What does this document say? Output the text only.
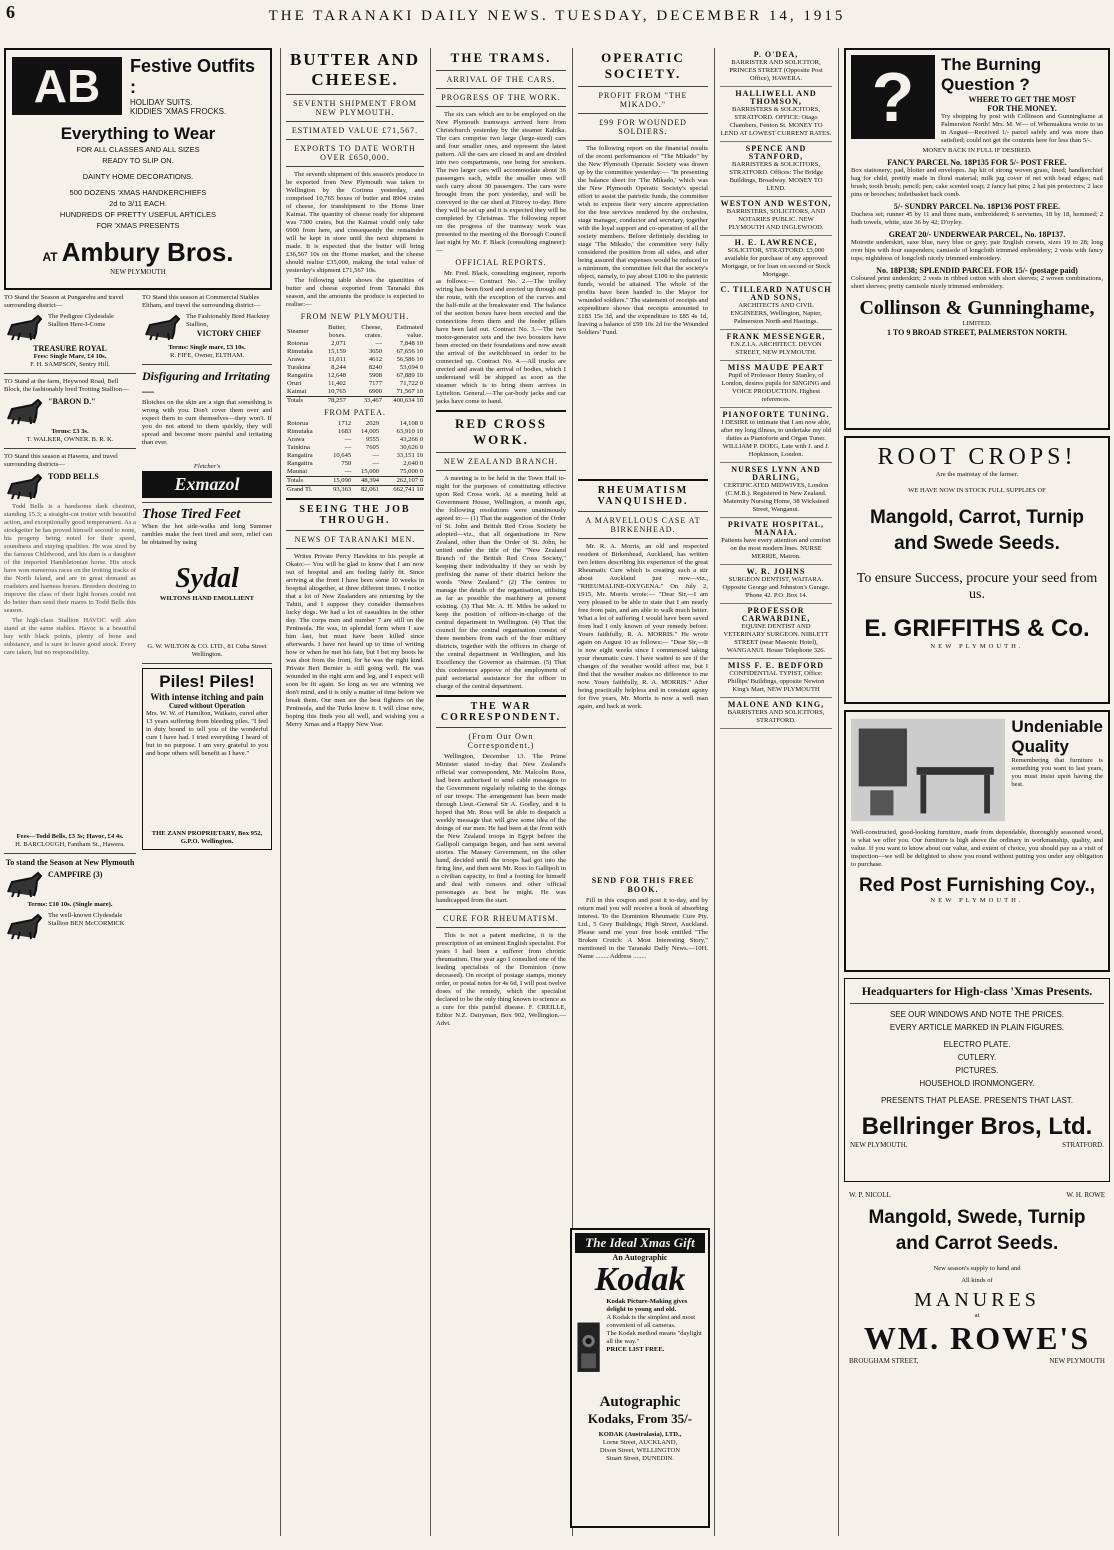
6	THE TARANAKI DAILY NEWS. TUESDAY, DECEMBER 14, 1915
AB	Festive Outfits :
HOLIDAY SUITS.
KIDDIES 'XMAS FROCKS.
Everything to Wear
FOR ALL CLASSES AND ALL SIZES
READY TO SLIP ON.
DAINTY HOME DECORATIONS.
500 DOZENS 'XMAS HANDKERCHIEFS
2d to 3/11 EACH.
HUNDREDS OF PRETTY USEFUL ARTICLES
FOR 'XMAS PRESENTS
AT Ambury Bros.
NEW PLYMOUTH
TO Stand the Season at Pungarehu and travel surrounding district—
The Pedigree Clydesdale Stallion Here-I-Come
TREASURE ROYAL
Fees: Single Mare, £4 10s.
F. H. SAMPSON, Sentry Hill.
TO Stand at the farm, Heywood Road, Bell Block, the fashionably bred Trotting Stallion—
"BARON D."
Terms: £3 3s.
T. WALKER, OWNER. B. R. K.
TO Stand this season at Hawera, and travel surrounding districts—
TODD BELLS

Todd Bells is a handsome dark chestnut, standing 15.3; a straight-cut trotter with beautiful action, and exceptionally good temperament. As a stockgetter he has proved himself second to none, his progeny being noted for their speed, soundness and staying qualities. He was sired by the famous Childwood, and his dam is a daughter of the imported Hambletonian horse. His stock have won numerous races on the trotting tracks of the North Island, and are in great demand as roadsters and harness horses. Breeders desiring to improve the class of their light horses could not do better than send their mares to Todd Bells this season.

The high-class Stallion HAVOC will also stand at the same stables. Havoc is a beautiful bay with black points, plenty of bone and substance, and is sure to leave good stock. Every care taken, but no responsibility.

Fees—Todd Bells, £3 3s; Havoc, £4 4s.
H. BARCLOUGH, Fantham St., Hawera.
To stand the Season at New Plymouth
CAMPFIRE (3)
Terms: £10 10s. (Single mare).
The well-known Clydesdale Stallion BEN McCORMICK
TO Stand this season at Commercial Stables Eltham, and travel the surrounding district—
The Fashionably Bred Hackney Stallion,
VICTORY CHIEF
Terms: Single mare, £3 10s.
R. FIFE, Owner, ELTHAM.
Disfiguring and Irritating—
Blotches on the skin are a sign that something is wrong with you. Don't cover them over and expect them to cure themselves—they won't. If you do not attend to them quickly, they will spread and become more painful and irritating than ever.
Fletcher's
Exmazol
Those Tired Feet
When the hot side-walks and long Summer rambles make the feet tired and sore, relief can be obtained by using
Sydal
WILTONS HAND EMOLLIENT
G. W. WILTON & CO. LTD., 81 Cuba Street Wellington.
Piles! Piles!
With intense itching and pain
Cured without Operation
Mrs. W. W. of Hamilton, Waikato, cured after 13 years suffering from bleeding piles. "I feel in duty bound to tell you of the wonderful cure I have had. I tried everything I heard of but to no purpose. I am very grateful to you and hope others will benefit as I have."
THE ZANN PROPRIETARY, Box 952, G.P.O. Wellington.
BUTTER AND CHEESE.
SEVENTH SHIPMENT FROM NEW PLYMOUTH.
ESTIMATED VALUE £71,567.
EXPORTS TO DATE WORTH OVER £650,000.

The seventh shipment of this season's produce to be exported from New Plymouth was taken to Wellington by the Corinna yesterday, and comprised 10,765 boxes of butter and 8904 crates of cheese, for transhipment to the Home liner Kaimai. The quantity of cheese ready for shipment was 7300 crates, but the Kaimai could only take 6900 from here, and consequently the remainder will be kept in store until the next shipment is made. It is expected that the butter will bring £36,567 10s on the Home market, and the cheese should realise £35,000, making the total value of yesterday's shipment £71,567 10s.

The following table shows the quantities of butter and cheese exported from Taranaki this season, and the amounts the produce is expected to realise:—

FROM NEW PLYMOUTH.
Steamer	Butter, boxes.	Cheese, crates.	Estimated value.
Rotorua	2,071	—	7,848 10
Rimutaka	15,159	3650	67,656 10
Arawa	11,011	4612	56,586 10
Turakina	8,244	8240	53,694 0
Rangatira	12,648	5908	67,889 10
Oruri	11,402	7177	71,722 0
Kaimai	10,765	6900	71,567 10
Totals	78,257	33,467	400,634 10
FROM PATEA.
Rotorua	1712	2029	14,108 0
Rimutaka	1683	14,005	63,910 10
Arawa	—	9555	43,266 0
Tainkina	—	7605	30,626 0
Rangatira	10,645	—	33,151 10
Rangatira	750	—	2,640 0
Maunai	—	15,000	75,000 0
Totals	15,090	48,394	262,107 0
Grand Tl.	93,363	82,061	662,741 10
SEEING THE JOB THROUGH.
NEWS OF TARANAKI MEN.

Writes Private Percy Hawkins to his people at Okato:— You will be glad to know that I am now out of hospital and am feeling fairly fit. Since arriving at the front I have been some 10 weeks in hospital altogether, at three different times. I notice that a lot of New Zealanders are returning by the Tahiti, and I suppose they consider themselves lucky dogs. We had a lot of casualties in the other day. The corps men and number 7 are still on the Peninsula. He was, in splendid form when I saw him last, but must have been killed since afterwards. I have not heard up to time of writing how or when he met his fate, but I bet my boots he was shot from the front, for he was the right kind. Private Bert Bernier is still going well. He was wounded in the right arm and leg, and I expect will soon be fit again. So long as we are winning we don't mind, and it is only a matter of time before we break them. Our men are the best fighters on the Peninsula, and the Turks know it. I will close now, hoping this finds you all well, and wishing you a Merry Xmas and a Happy New Year.

THE TRAMS.
ARRIVAL OF THE CARS.
PROGRESS OF THE WORK.

The six cars which are to be employed on the New Plymouth tramways arrived here from Christchurch yesterday by the steamer Kahika. The cars comprise two large (large-sized) cars and four smaller ones, and represent the latest pattern. All the cars are closed in and are divided into two compartments, one being for smokers. The two larger cars will accommodate about 36 passengers each, while the smaller ones will each carry about 30 passengers. The cars were brought from the port yesterday, and will be conveyed to the car shed at Fitzroy to-day. Here they will be set up and it is expected they will be completed by Christmas. The following report on the progress of the tramway work was presented to the meeting of the Borough Council last night by Mr. F. Black (consulting engineer):—

OFFICIAL REPORTS.

Mr. Fred. Black, consulting engineer, reports as follows:— Contract No. 2.—The trolley wiring has been fixed and erected up through out the route, with the exception of the curves and the half-mile at the breakwater end. The balance of the section boxes have been erected and the connections from them and the feeder pillars have been laid out. Contract No. 3.—The two motor-generator sets and the two boosters have been erected on their foundations and now await the arrival of the switchboard in order to be connected up. Contract No. 4.—All trucks are erected and await the arrival of bodies, which I understand will be shipped as soon as the steamer which is to bring them arrives in Lyttelton. General.—The car-body jacks and car jacks have come to hand.

RED CROSS WORK.
NEW ZEALAND BRANCH.

A meeting is to be held in the Town Hall to-night for the purposes of constituting effective upon Red Cross work. At a meeting held at Government House, Wellington, a month ago, the following resolutions were unanimously agreed to:— (1) That the suggestion of the Order of St. John and British Red Cross Society be adopted—viz., that all organisations in New Zealand, other than the Order of St. John, be united under the title of the "New Zealand Branch of the British Red Cross Society," keeping their individuality if they so wish by prefixing the name of their district before the words "New Zealand." (2) The centres to manage the details of the organisation, utilising as far as possible the machinery at present existing. (3) That Mr. A. H. Miles be asked to keep the position of officer-in-charge of the central department in Wellington. (4) That the council for the central organisation consist of three members from each of the four military districts, together with the officers in charge of the central department in Wellington, and his Excellency the Governor as chairman. (5) That this conference approve of the employment of paid secretarial assistance for the officer in charge of the central department.

THE WAR CORRESPONDENT.
(From Our Own Correspondent.)

Wellington, December 13. The Prime Minister stated to-day that New Zealand's official war correspondent, Mr. Malcolm Ross, had been authorised to send cable messages to the Government regularly relating to the doings of our troops. The arrangement has been made through Lieut.-General Sir A. Godley, and it is hoped that Mr. Ross will be able to despatch a weekly message that will give some idea of the doings of our men. He had been at the front with the New Zealand troops in Egypt before the Gallipoli campaign began, and has sent several stories. The Massey Government, on the other hand, decided until the troops had got into the firing line, and then sent Mr. Ross to Gallipoli in a civilian capacity, to find a footing for himself and deal with censors and other official personages as best he might. He was handicapped from the start.

CURE FOR RHEUMATISM.

This is not a patent medicine, it is the prescription of an eminent English specialist. For years I had been a sufferer from chronic rheumatism. One year ago I consulted one of the leading specialists of the Dominion (now deceased). On receipt of postage stamps, money order, or postal notes for 4s 6d, I will post twelve doses of the remedy, which the specialist declared to be the only thing known to science as a cure for this painful disease. F. CREILLE, Editor N.Z. Dairyman, Box 902, Wellington.—Advt.

OPERATIC SOCIETY.
PROFIT FROM "THE MIKADO."
£99 FOR WOUNDED SOLDIERS.

The following report on the financial results of the recent performances of "The Mikado" by the New Plymouth Operatic Society was drawn up by the committee yesterday:— "In presenting the balance sheet for 'The Mikado,' which was the New Plymouth Operatic Society's special effort to assist the patriotic funds, the committee wish to express their very sincere appreciation for the free services rendered by the orchestra, stage manager, conductor and secretary, together with the loyal support and co-operation of all the society members. Before definitely deciding to stage 'The Mikado,' the committee very fully considered the position from all sides, and after being assured that expenses would be reduced to a minimum, the committee felt that the society's object, namely, to pay about £100 to the patriotic funds, would be attained. The whole of the profits have been handed to the Mayor for wounded soldiers." The statement of receipts and expenditure shows that receipts amounted to £183 15s 3d, and the expenditure to £85 4s 1d, leaving a balance of £99 10s 2d for the Wounded Soldiers' Fund.

RHEUMATISM VANQUISHED.
A MARVELLOUS CASE AT BIRKENHEAD.

Mr. R. A. Morris, an old and respected resident of Birkenhead, Auckland, has written two letters describing his experience of the great Rheumatic Cure which is creating such a stir about Auckland just now—viz., "RHEUMALINE-OXYGENA." On July 2, 1915, Mr. Morris wrote:— "Dear Sir,—I am very pleased to be able to state that I am nearly free from pain, and am able to walk much better. What a lot of suffering I would have been saved from had I only known of your remedy before. Yours faithfully, R. A. MORRIS." He wrote again on August 10 as follows:— "Dear Sir,—It is now eight weeks since I commenced taking your rheumatic cure. I have waited to see if the changes of the weather would affect me, but I find that the weather makes no difference to me now. Yours faithfully, R. A. MORRIS." After being practically helpless and in constant agony for five years, Mr. Morris is now a well man again, and back at work.

SEND FOR THIS FREE BOOK.

Fill in this coupon and post it to-day, and by return mail you will receive a book of absorbing interest. To the Dominion Rheumatic Cure Pty. Ltd., 5 Grey Buildings, High Street, Auckland. Please send me your free book entitled "The Broken Crutch: A Most Interesting Story," mentioned in the Taranaki Daily News.—10H. Name ........ Address ........

The Ideal Xmas Gift
An Autographic
Kodak
Kodak Picture-Making gives delight to young and old.
A Kodak is the simplest and most convenient of all cameras.
The Kodak method means "daylight all the way."
PRICE LIST FREE.
Autographic
Kodaks, From 35/-
KODAK (Australasia), LTD.,
Lorne Street, AUCKLAND,
Dixon Street, WELLINGTON
Stuart Street, DUNEDIN.
P. O'DEA,
BARRISTER AND SOLICITOR, PRINCES STREET (Opposite Post Office), HAWERA.
HALLIWELL AND THOMSON,
BARRISTERS & SOLICITORS, STRATFORD. OFFICE: Otago Chambers, Fenton St. MONEY TO LEND AT LOWEST CURRENT RATES.
SPENCE AND STANFORD,
BARRISTERS & SOLICITORS, STRATFORD. Offices: The Bridge Buildings, Broadway. MONEY TO LEND.
WESTON AND WESTON,
BARRISTERS, SOLICITORS, AND NOTARIES PUBLIC. NEW PLYMOUTH AND INGLEWOOD.
H. E. LAWRENCE,
SOLICITOR, STRATFORD. £3,000 available for purchase of any approved Mortgage, or for loan on second or Stock Mortgage.
C. TILLEARD NATUSCH AND SONS,
ARCHITECTS AND CIVIL ENGINEERS, Wellington, Napier, Palmerston North and Hastings.
FRANK MESSENGER,
F.N.Z.I.A. ARCHITECT. DEVON STREET, NEW PLYMOUTH.
MISS MAUDE PEART
Pupil of Professor Henry Stanley, of London, desires pupils for SINGING and VOICE PRODUCTION. Highest references.
PIANOFORTE TUNING.
I DESIRE to intimate that I am now able, after my long illness, to undertake my old duties as Pianoforte and Organ Tuner. WILLIAM P. DOEG, Late with J. and J. Hopkinson, London.
NURSES LYNN AND DARLING,
CERTIFICATED MIDWIVES, London (C.M.B.). Registered in New Zealand. Maternity Nursing Home, 38 Wicksteed Street, Wanganui.
PRIVATE HOSPITAL, MANAIA.
Patients have every attention and comfort on the most modern lines. NURSE MERRIE, Matron.
W. R. JOHNS
SURGEON DENTIST, WAITARA. Opposite George and Johnston's Garage. 'Phone 42. P.O. Box 14.
PROFESSOR CARWARDINE,
EQUINE DENTIST AND VETERINARY SURGEON. NIBLETT STREET (near Masonic Hotel), WANGANUI. House Telephone 326.
MISS F. E. BEDFORD
CONFIDENTIAL TYPIST, Office: Phillips' Buildings, opposite Newton King's Mart, NEW PLYMOUTH
MALONE AND KING,
BARRISTERS AND SOLICITORS, STRATFORD.
?	The Burning Question ?
WHERE TO GET THE MOST
FOR THE MONEY.
Try shopping by post with Collinson and Gunninghame at Palmerston North! Mrs. M. W— of Whenuakura wrote to us in August—Received 1/- parcel safely and was more than satisfied; could not get the contents here for less than 5/-.
MONEY BACK IN FULL IF DESIRED.
FANCY PARCEL No. 18P135 FOR 5/- POST FREE.
Box stationery; pad, blotter and envelopes. Jap kit of strong woven grass, lined; handkerchief bag for child, prettily made in floral material; milk jug cover of net with bead edges; nail brush; tooth brush; pencil; pen; cake scented soap; 2 fancy hat pins; 2 hat pin protectors; 2 lace pins or brooches; toiletbasket back comb.
5/- SUNDRY PARCEL No. 18P136 POST FREE.
Duchess set; runner 45 by 11 and three mats, embroidered; 6 serviettes, 18 by 18, hemmed; 2 bath towels, white, size 36 by 42; D'oyley.
GREAT 20/- UNDERWEAR PARCEL, No. 18P137.
Moirette underskirt, saxe blue, navy blue or grey; pair English corsets, sizes 19 to 28; long over hips with four suspenders; camisole of longcloth trimmed embroidery; 2 vests with fancy tops; nightdress of longcloth nicely trimmed embroidery.
No. 18P138; SPLENDID PARCEL FOR 15/- (postage paid)
Coloured print underskirt; 2 vests in ribbed cotton with short sleeves; 2 woven combinations, short sleeves; pretty camisole nicely trimmed embroidery.
Collinson & Gunninghame,
LIMITED.
1 TO 9 BROAD STREET, PALMERSTON NORTH.
ROOT CROPS!
Are the mainstay of the farmer.
WE HAVE NOW IN STOCK FULL SUPPLIES OF
Mangold, Carrot, Turnip and Swede Seeds.
To ensure Success, procure your seed from us.
E. GRIFFITHS & Co.
NEW PLYMOUTH.
Undeniable Quality
Remembering that furniture is something you want to last years, you must insist upon having the best.
Well-constructed, good-looking furniture, made from dependable, thoroughly seasoned wood, is what we offer you. Our furniture is high above the ordinary in workmanship, quality, and value. If you want to know about our value, and extent of choice, you should pay us a visit of inspection—we will be delighted to show you round without putting you under any obligation to purchase.
Red Post Furnishing Coy.,
NEW PLYMOUTH.
Headquarters for High-class 'Xmas Presents.
SEE OUR WINDOWS AND NOTE THE PRICES.
EVERY ARTICLE MARKED IN PLAIN FIGURES.
ELECTRO PLATE.
CUTLERY.
PICTURES.
HOUSEHOLD IRONMONGERY.
PRESENTS THAT PLEASE. PRESENTS THAT LAST.
Bellringer Bros, Ltd.
NEW PLYMOUTH.	STRATFORD.
W. P. NICOLL	W. H. ROWE
Mangold, Swede, Turnip and Carrot Seeds.
New season's supply to hand and
All kinds of
MANURES
at
WM. ROWE'S
BROUGHAM STREET,	NEW PLYMOUTH
